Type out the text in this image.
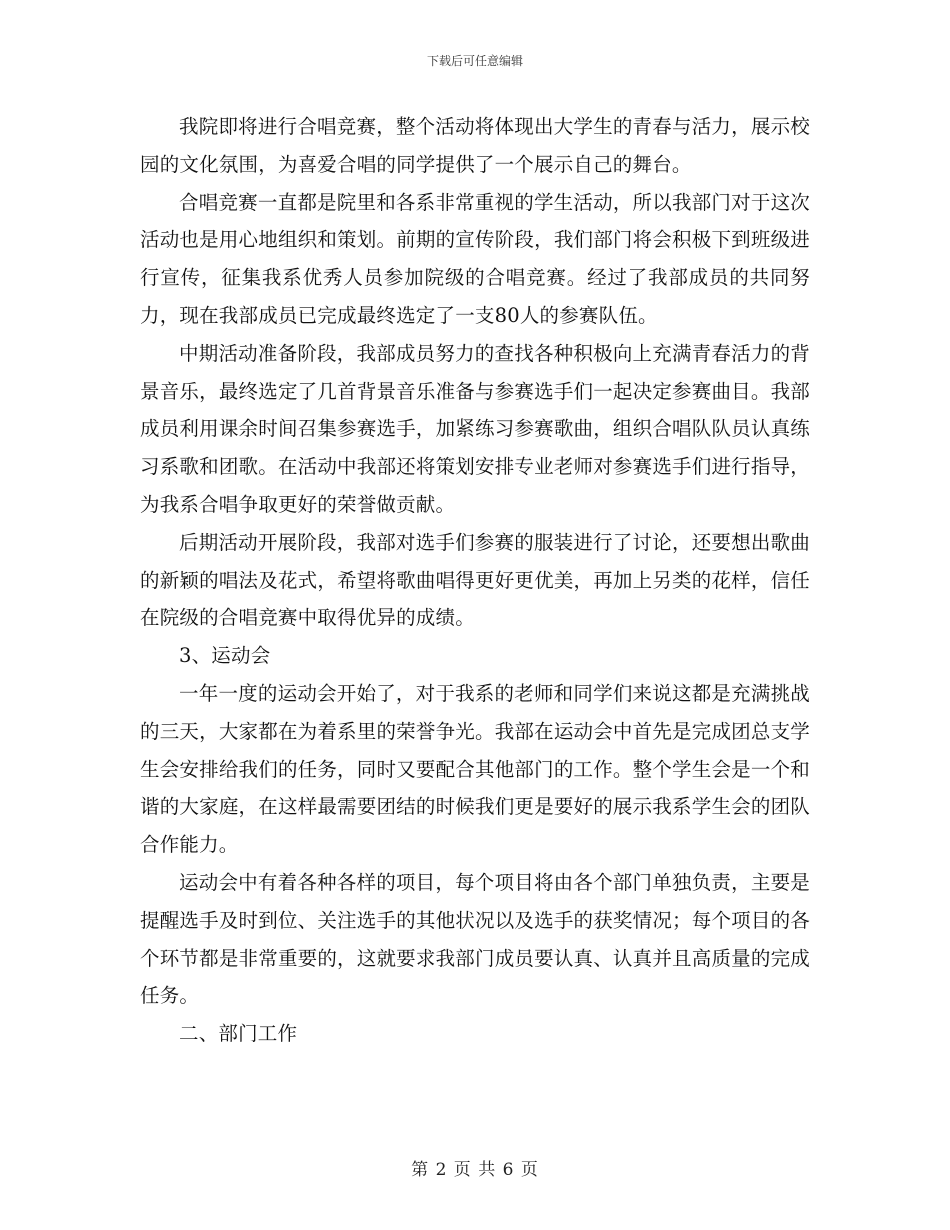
下载后可任意编辑

我院即将进行合唱竞赛，整个活动将体现出大学生的青春与活力，展示校园的文化氛围，为喜爱合唱的同学提供了一个展示自己的舞台。

合唱竞赛一直都是院里和各系非常重视的学生活动，所以我部门对于这次活动也是用心地组织和策划。前期的宣传阶段，我们部门将会积极下到班级进行宣传，征集我系优秀人员参加院级的合唱竞赛。经过了我部成员的共同努力，现在我部成员已完成最终选定了一支80人的参赛队伍。

中期活动准备阶段，我部成员努力的查找各种积极向上充满青春活力的背景音乐，最终选定了几首背景音乐准备与参赛选手们一起决定参赛曲目。我部成员利用课余时间召集参赛选手，加紧练习参赛歌曲，组织合唱队队员认真练习系歌和团歌。在活动中我部还将策划安排专业老师对参赛选手们进行指导，为我系合唱争取更好的荣誉做贡献。

后期活动开展阶段，我部对选手们参赛的服装进行了讨论，还要想出歌曲的新颖的唱法及花式，希望将歌曲唱得更好更优美，再加上另类的花样，信任在院级的合唱竞赛中取得优异的成绩。

3、运动会

一年一度的运动会开始了，对于我系的老师和同学们来说这都是充满挑战的三天，大家都在为着系里的荣誉争光。我部在运动会中首先是完成团总支学生会安排给我们的任务，同时又要配合其他部门的工作。整个学生会是一个和谐的大家庭，在这样最需要团结的时候我们更是要好的展示我系学生会的团队合作能力。

运动会中有着各种各样的项目，每个项目将由各个部门单独负责，主要是提醒选手及时到位、关注选手的其他状况以及选手的获奖情况；每个项目的各个环节都是非常重要的，这就要求我部门成员要认真、认真并且高质量的完成任务。

二、部门工作

第 2 页 共 6 页
